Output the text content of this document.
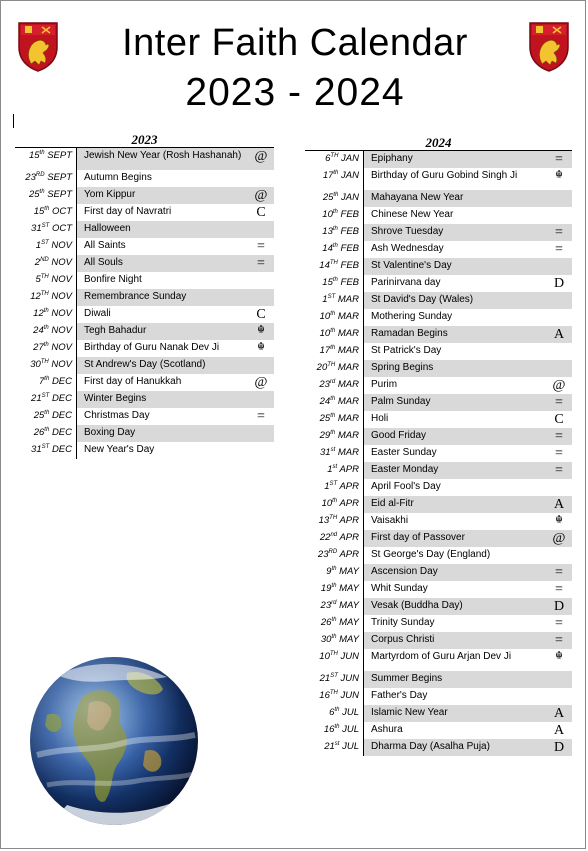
Inter Faith Calendar
2023 - 2024
2023
15th SEPT	Jewish New Year (Rosh Hashanah) @
23RD SEPT	Autumn Begins
25th SEPT	Yom Kippur	@
15th OCT	First day of Navratri	C
31ST OCT	Halloween
1ST NOV	All Saints	=
2ND NOV	All Souls	=
5TH NOV	Bonfire Night
12TH NOV	Remembrance Sunday
12th NOV	Diwali	C
24th NOV	Tegh Bahadur	☬
27th NOV	Birthday of Guru Nanak Dev Ji	☬
30TH NOV	St Andrew's Day (Scotland)
7th DEC	First day of Hanukkah	@
21ST DEC	Winter Begins
25th DEC	Christmas Day	=
26th DEC	Boxing Day
31ST DEC	New Year's Day
2024
6TH JAN	Epiphany	=
17th JAN	Birthday of Guru Gobind Singh Ji	☬
25th JAN	Mahayana New Year
10th FEB	Chinese New Year
13th FEB	Shrove Tuesday	=
14th FEB	Ash Wednesday	=
14TH FEB	St Valentine's Day
15th FEB	Parinirvana day	D
1ST MAR	St David's Day (Wales)
10th MAR	Mothering Sunday
10th MAR	Ramadan Begins	A
17th MAR	St Patrick's Day
20TH MAR	Spring Begins
23rd MAR	Purim	@
24th MAR	Palm Sunday	=
25th MAR	Holi	C
29th MAR	Good Friday	=
31st MAR	Easter Sunday	=
1st APR	Easter Monday	=
1ST APR	April Fool's Day
10th APR	Eid al-Fitr	A
13TH APR	Vaisakhi	☬
22nd APR	First day of Passover	@
23RD APR	St George's Day (England)
9th MAY	Ascension Day	=
19th MAY	Whit Sunday	=
23rd MAY	Vesak (Buddha Day)	D
26th MAY	Trinity Sunday	=
30th MAY	Corpus Christi	=
10TH JUN	Martyrdom of Guru Arjan Dev Ji	☬
21ST JUN	Summer Begins
16TH JUN	Father's Day
6th JUL	Islamic New Year	A
16th JUL	Ashura	A
21st JUL	Dharma Day (Asalha Puja)	D
